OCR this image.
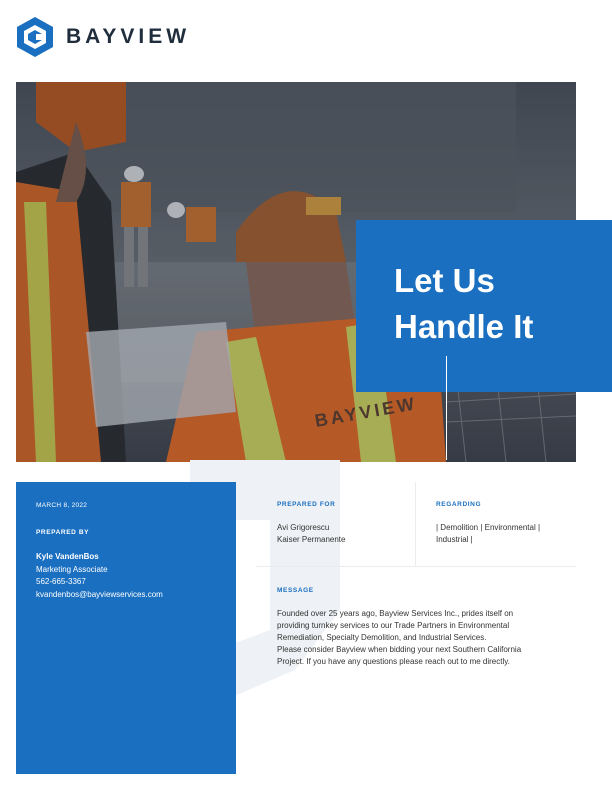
BAYVIEW
BAYVIEW
Let Us
Handle It
MARCH 8, 2022
PREPARED BY
Kyle VandenBos
Marketing Associate
562-665-3367
kvandenbos@bayviewservices.com
PREPARED FOR
Avi Grigorescu
Kaiser Permanente
REGARDING
| Demolition | Environmental |
Industrial |
MESSAGE

Founded over 25 years ago, Bayview Services Inc., prides itself on

providing turnkey services to our Trade Partners in Environmental

Remediation, Specialty Demolition, and Industrial Services.

Please consider Bayview when bidding your next Southern California

Project. If you have any questions please reach out to me directly.
